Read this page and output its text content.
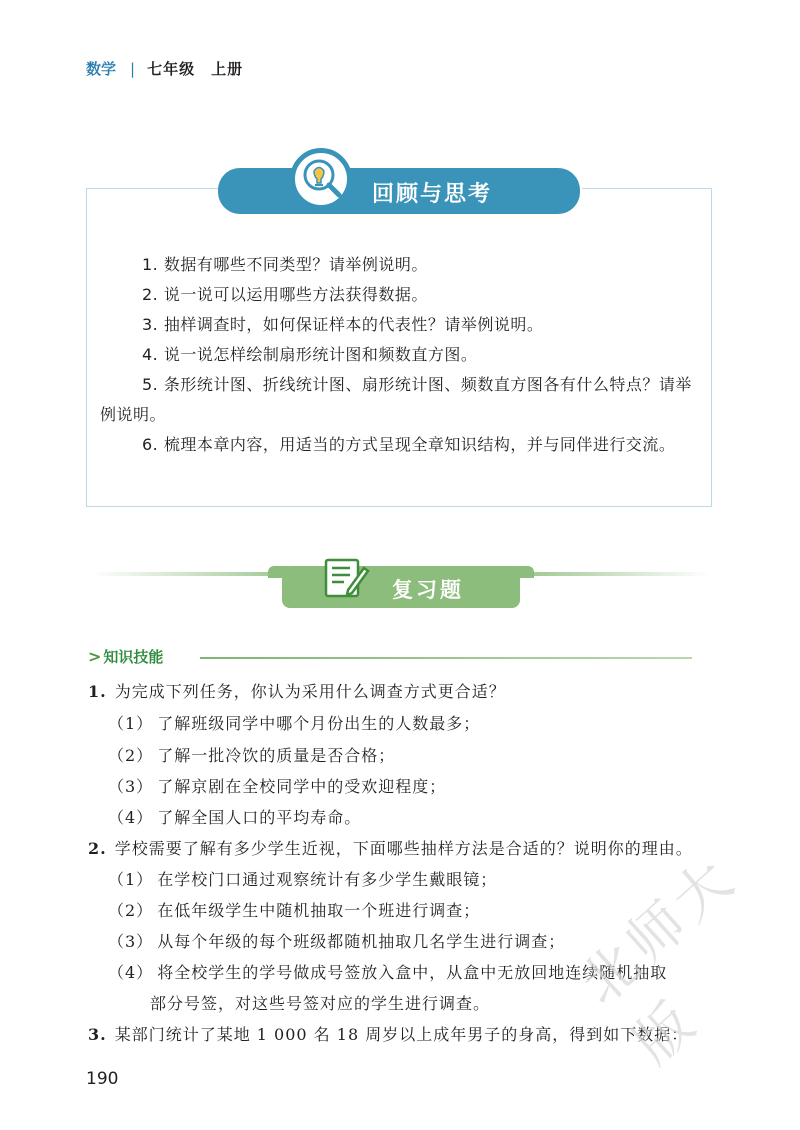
数学 | 七年级　上册
回顾与思考

1. 数据有哪些不同类型？请举例说明。

2. 说一说可以运用哪些方法获得数据。

3. 抽样调查时，如何保证样本的代表性？请举例说明。

4. 说一说怎样绘制扇形统计图和频数直方图。

5. 条形统计图、折线统计图、扇形统计图、频数直方图各有什么特点？请举例说明。

6. 梳理本章内容，用适当的方式呈现全章知识结构，并与同伴进行交流。

复习题
> 知识技能
1. 为完成下列任务，你认为采用什么调查方式更合适？
（1） 了解班级同学中哪个月份出生的人数最多；
（2） 了解一批冷饮的质量是否合格；
（3） 了解京剧在全校同学中的受欢迎程度；
（4） 了解全国人口的平均寿命。
2. 学校需要了解有多少学生近视，下面哪些抽样方法是合适的？说明你的理由。
（1） 在学校门口通过观察统计有多少学生戴眼镜；
（2） 在低年级学生中随机抽取一个班进行调查；
（3） 从每个年级的每个班级都随机抽取几名学生进行调查；
（4） 将全校学生的学号做成号签放入盒中，从盒中无放回地连续随机抽取
部分号签，对这些号签对应的学生进行调查。
3. 某部门统计了某地 1 000 名 18 周岁以上成年男子的身高，得到如下数据：
190
北师大版
